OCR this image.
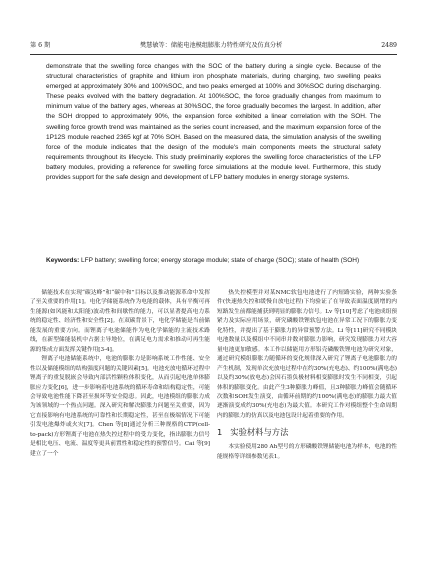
第 6 期	樊慧敏等：储能电池模组膨胀力特性研究及仿真分析	2489
demonstrate that the swelling force changes with the SOC of the battery during a single cycle. Because of the structural characteristics of graphite and lithium iron phosphate materials, during charging, two swelling peaks emerged at approximately 30% and 100%SOC, and two peaks emerged at 100% and 30%SOC during discharging. These peaks evolved with the battery degradation. At 100%SOC, the force gradually changes from maximum to minimum value of the battery ages, whereas at 30%SOC, the force gradually becomes the largest. In addition, after the SOH dropped to approximately 90%, the expansion force exhibited a linear correlation with the SOH. The swelling force growth trend was maintained as the series count increased, and the maximum expansion force of the 1P12S module reached 2365 kgf at 70% SOH. Based on the measured data, the simulation analysis of the swelling force of the module indicates that the design of the module's main components meets the structural safety requirements throughout its lifecycle. This study preliminarily explores the swelling force characteristics of the LFP battery modules, providing a reference for swelling force simulations at the module level. Furthermore, this study provides support for the safe design and development of LFP battery modules in energy storage systems.
Keywords: LFP battery; swelling force; energy storage module; state of charge (SOC); state of health (SOH)

储能技术在实现“碳达峰”和“碳中和”目标以及推动能源革命中发挥了至关重要的作用[1]。电化学储能系统作为电能的载体，具有平衡可再生能源(如风能和太阳能)波动性和间歇性的能力，可以显著提高电力系统的稳定性、经济性和安全性[2]。在双碳背景下，电化学储能是当前储能发展的重要方向。而锂离子电池储能作为电化学储能的主流技术路线，在新型储能装机中占据主导地位，在满足电力需求和推动可再生能源的集成方面发挥关键作用[3-4]。

锂离子电池储能系统中，电池的膨胀力是影响系统工作性能、安全性以及储能模组的结构强度问题的关键因素[5]。电池充放电循环过程中锂离子的重复脱嵌会导致内部活性颗粒体积变化，从而引起电池单体膨胀应力变化[6]，进一步影响着电池系统的循环寿命和结构稳定性，可能会导致电池性能下降甚至损坏等安全隐患。因此，电池模组的膨胀力成为该领域的一个热点问题。深入研究和解决膨胀力问题至关重要，因为它直接影响有电池系统的可靠性和长期稳定性，甚至在极端情况下可能引发电池爆炸或火灾[7]。Chen 等[8]通过分析三种规格的CTP(cell-to-pack)方形锂离子电池在热失控过程中的受力变化，指出膨胀力信号是相比电压、电流、温度等更具前置性和稳定性的预警信号。Cai 等[9]建立了一个

热失控模型并对某NMC软包电池进行了内短路实验，两种实验条件(快速热失控和缓慢自放电过程)下均验证了在导致表面温度剧增的内短路发生前都能捕获到明显的膨胀力信号。Lv 等[10]考虑了电池成组预紧力及实际应用场景，研究磷酸铁锂软包电池在异常工况下的膨胀力变化特性，并提出了基于膨胀力的异常预警方法。Li 等[11]研究不同模块电池数量以及模组中不同串并数对膨胀力影响，研究发现膨胀力对大容量电池更加敏感。本工作以储能用方形铝壳磷酸铁锂电池为研究对象，通过研究模组膨胀力随循环的变化规律深入研究了锂离子电池膨胀力的产生机制，发现单次充放电过程中在约30%(充电态)、约100%(满电态)以及约30%(放电态)会因石墨负极材料相变膨胀时发生不同相变，引起体积的膨胀变化。由此产生3种膨胀力峰值，且3种膨胀力峰值会随循环次数和SOH发生演变，由循环前期的约100%(满电态)的膨胀力最大值逐渐演变成约30%(充电态)为最大值。本研究工作对模组整个生命周期内的膨胀力的仿真以及电池包设计起着重要的作用。

1 实验材料与方法

本实验使用280 Ah型号的方形磷酸铁锂储能电池为样本，电池的性能规格等详细参数见表1。
